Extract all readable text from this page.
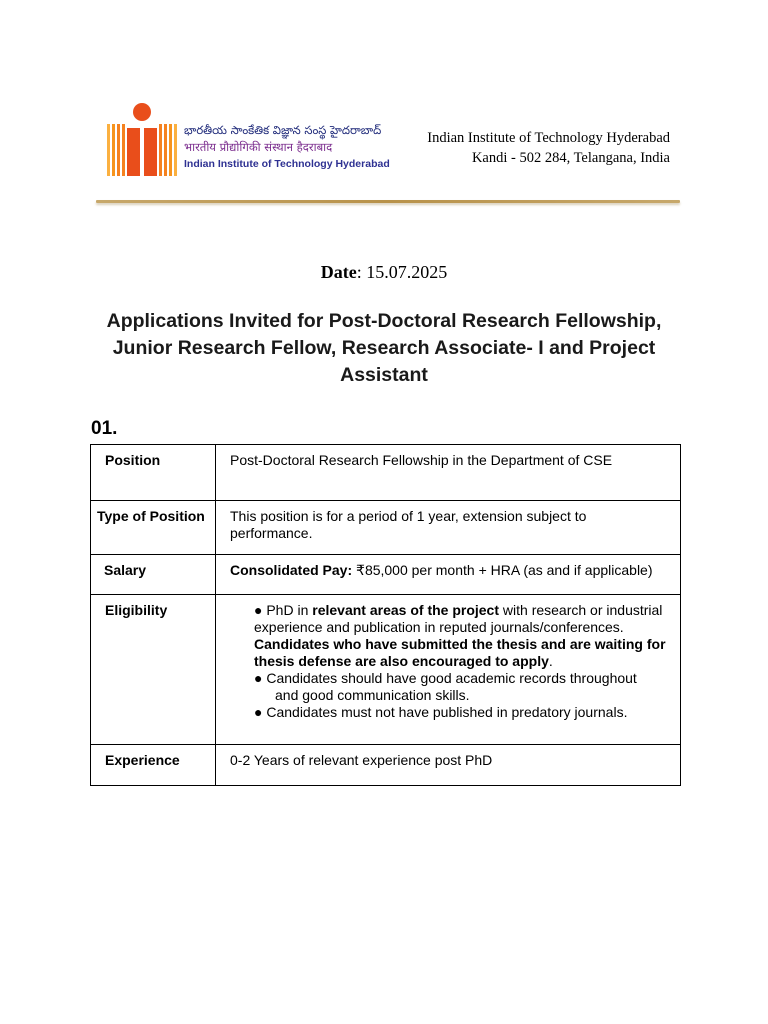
భారతీయ సాంకేతిక విజ్ఞాన సంస్థ హైదరాబాద్
भारतीय प्रौद्योगिकी संस्थान हैदराबाद
Indian Institute of Technology Hyderabad
Indian Institute of Technology Hyderabad
Kandi - 502 284, Telangana, India
Date: 15.07.2025
Applications Invited for Post-Doctoral Research Fellowship, Junior Research Fellow, Research Associate- I and Project Assistant
01.
Position	Post-Doctoral Research Fellowship in the Department of CSE

Type of Position	This position is for a period of 1 year, extension subject to performance.

Salary	Consolidated Pay: ₹85,000 per month + HRA (as and if applicable)

Eligibility	● PhD in relevant areas of the project with research or industrial experience and publication in reputed journals/conferences.
Candidates who have submitted the thesis and are waiting for thesis defense are also encouraged to apply.

● Candidates should have good academic records throughout
and good communication skills.

● Candidates must not have published in predatory journals.

Experience	0-2 Years of relevant experience post PhD
